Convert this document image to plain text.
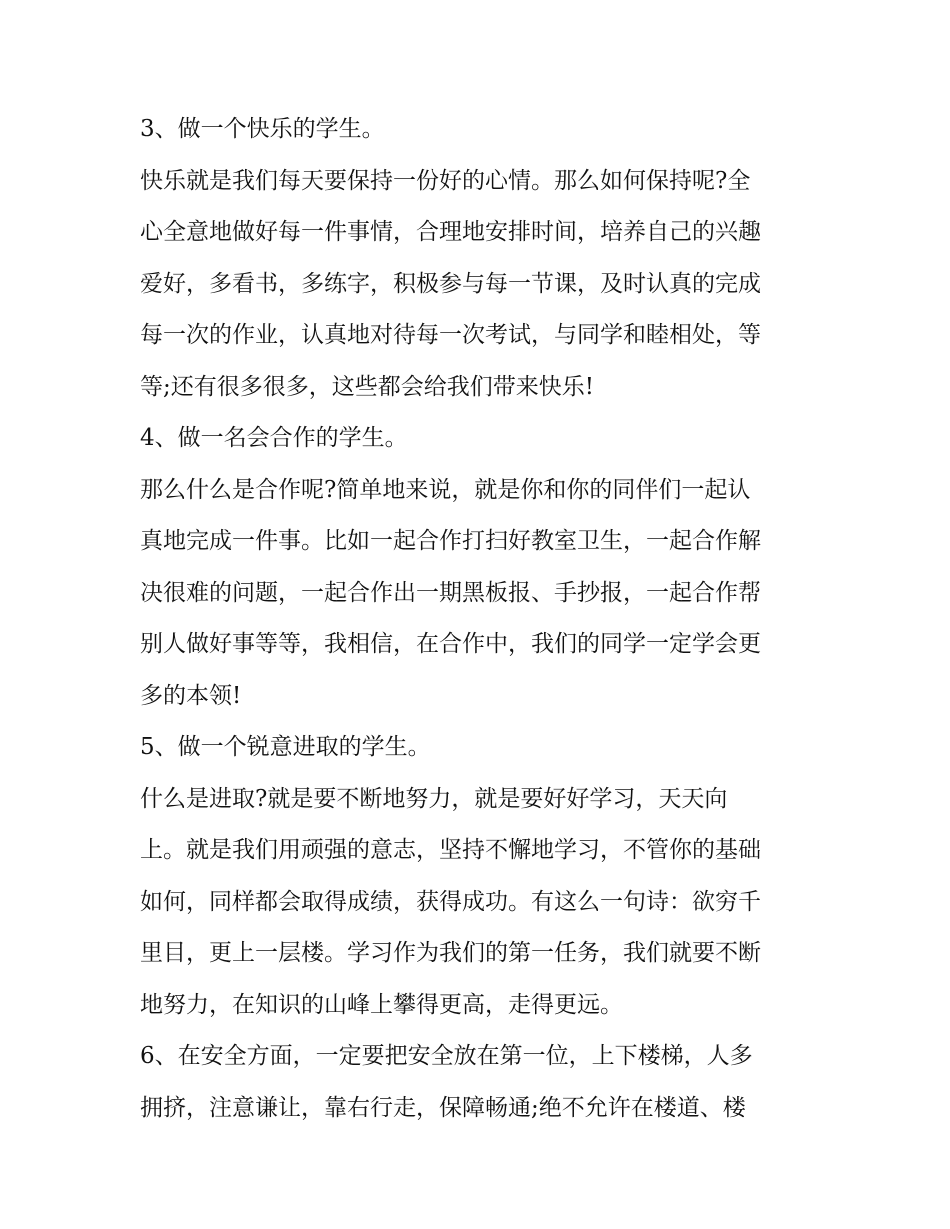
3、做一个快乐的学生。
快乐就是我们每天要保持一份好的心情。那么如何保持呢?全
心全意地做好每一件事情，合理地安排时间，培养自己的兴趣
爱好，多看书，多练字，积极参与每一节课，及时认真的完成
每一次的作业，认真地对待每一次考试，与同学和睦相处，等
等;还有很多很多，这些都会给我们带来快乐!
4、做一名会合作的学生。
那么什么是合作呢?简单地来说，就是你和你的同伴们一起认
真地完成一件事。比如一起合作打扫好教室卫生，一起合作解
决很难的问题，一起合作出一期黑板报、手抄报，一起合作帮
别人做好事等等，我相信，在合作中，我们的同学一定学会更
多的本领!
5、做一个锐意进取的学生。
什么是进取?就是要不断地努力，就是要好好学习，天天向
上。就是我们用顽强的意志，坚持不懈地学习，不管你的基础
如何，同样都会取得成绩，获得成功。有这么一句诗：欲穷千
里目，更上一层楼。学习作为我们的第一任务，我们就要不断
地努力，在知识的山峰上攀得更高，走得更远。
6、在安全方面，一定要把安全放在第一位，上下楼梯，人多
拥挤，注意谦让，靠右行走，保障畅通;绝不允许在楼道、楼
